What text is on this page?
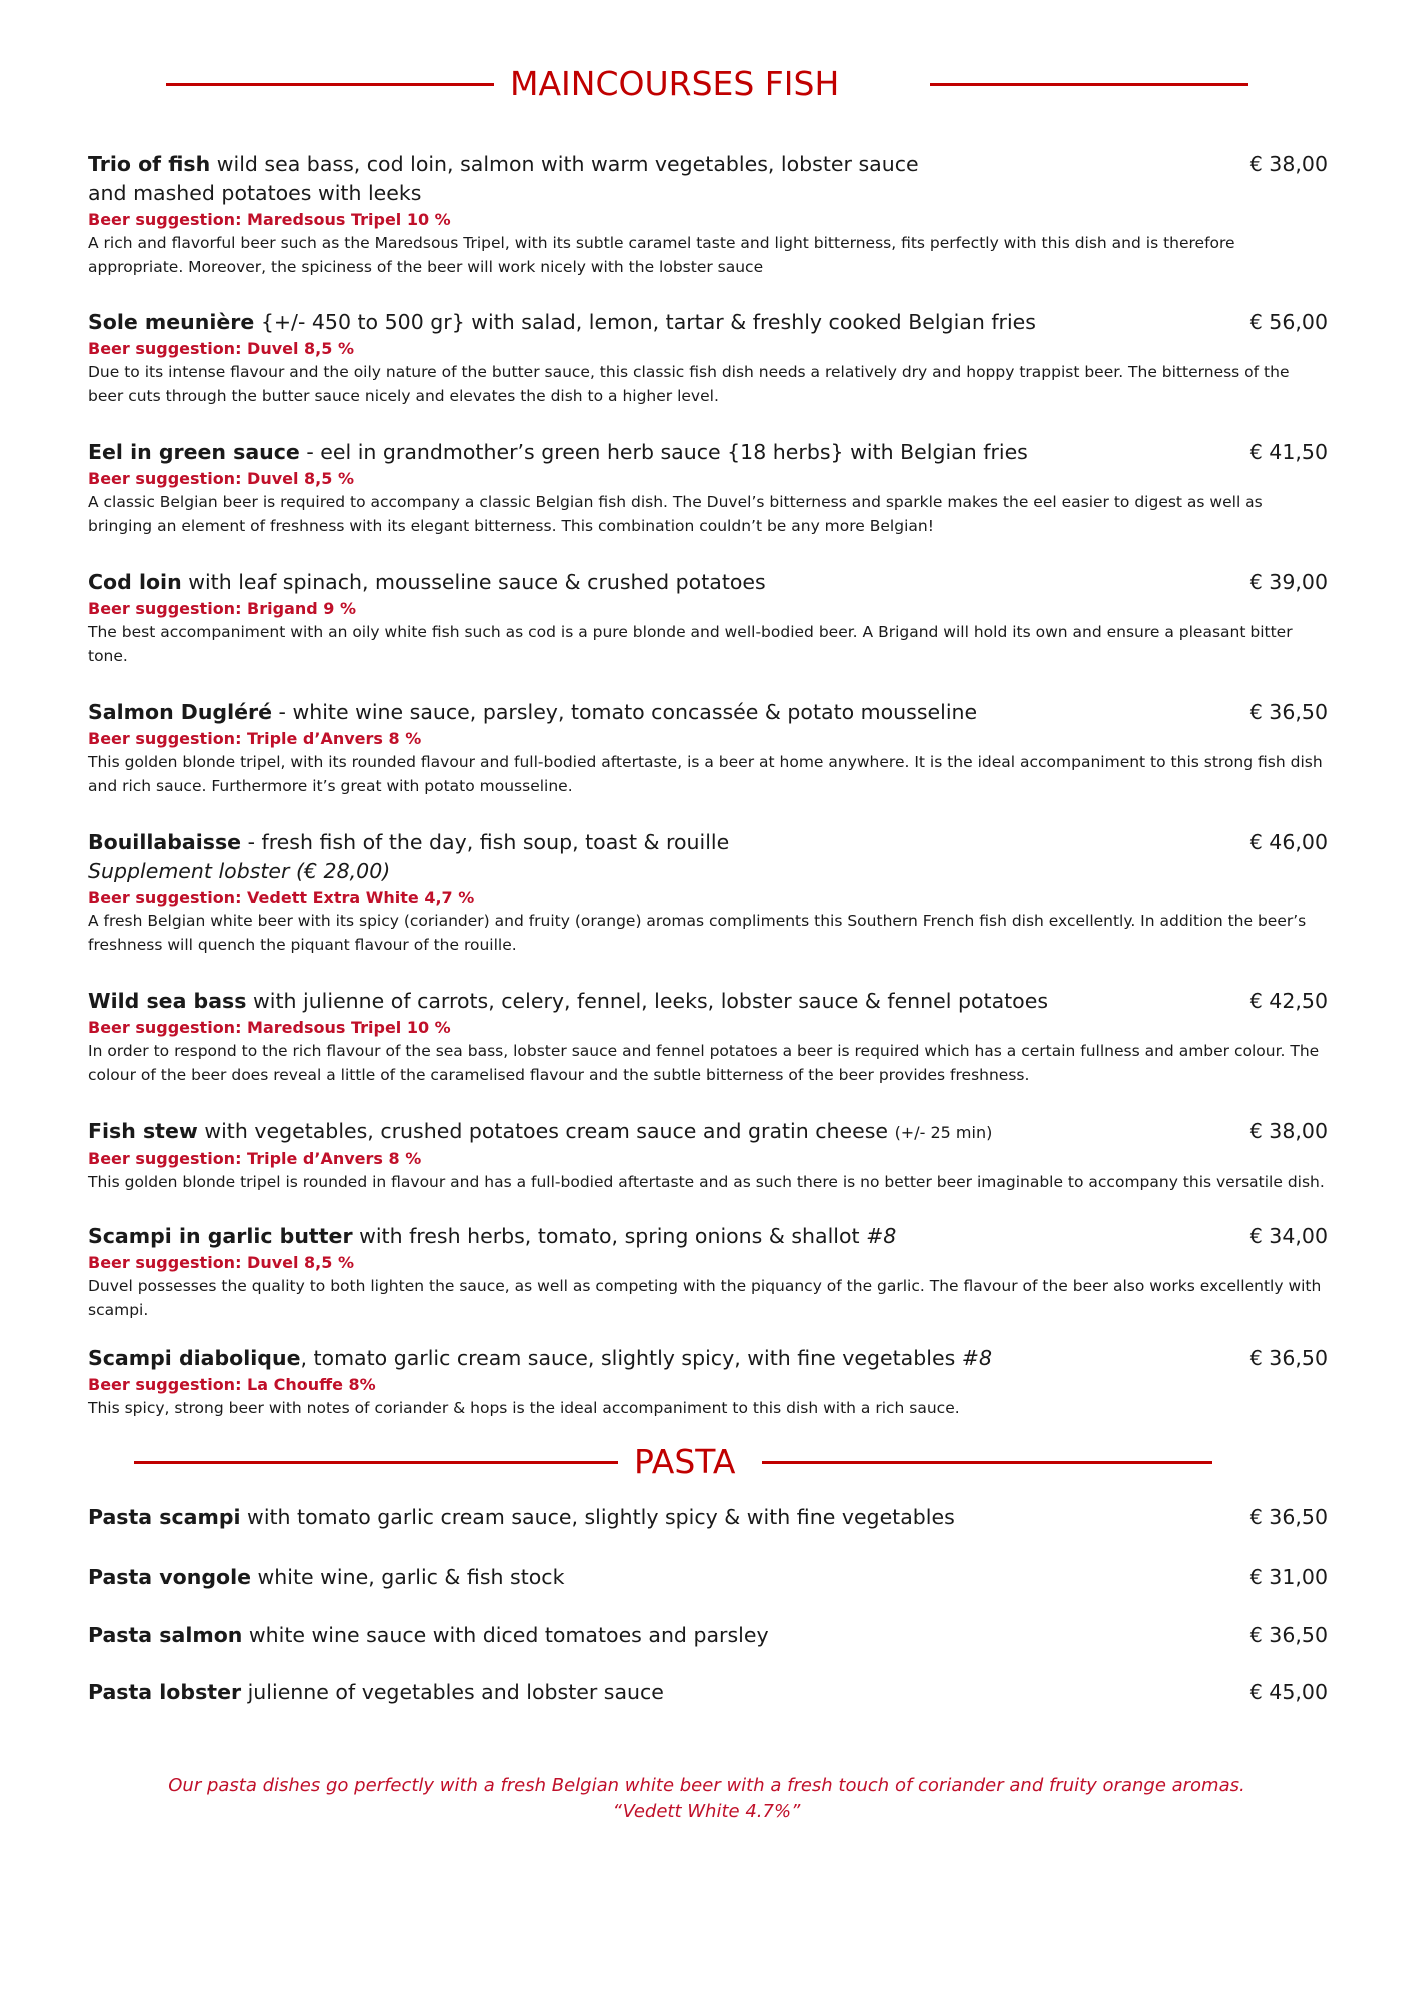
MAINCOURSES FISH
Trio of fish wild sea bass, cod loin, salmon with warm vegetables, lobster sauce	€ 38,00
and mashed potatoes with leeks
Beer suggestion: Maredsous Tripel 10 %
A rich and flavorful beer such as the Maredsous Tripel, with its subtle caramel taste and light bitterness, fits perfectly with this dish and is therefore appropriate. Moreover, the spiciness of the beer will work nicely with the lobster sauce
Sole meunière {+/- 450 to 500 gr} with salad, lemon, tartar & freshly cooked Belgian fries	€ 56,00
Beer suggestion: Duvel 8,5 %
Due to its intense flavour and the oily nature of the butter sauce, this classic fish dish needs a relatively dry and hoppy trappist beer. The bitterness of the beer cuts through the butter sauce nicely and elevates the dish to a higher level.
Eel in green sauce - eel in grandmother’s green herb sauce {18 herbs} with Belgian fries	€ 41,50
Beer suggestion: Duvel 8,5 %
A classic Belgian beer is required to accompany a classic Belgian fish dish. The Duvel’s bitterness and sparkle makes the eel easier to digest as well as bringing an element of freshness with its elegant bitterness. This combination couldn’t be any more Belgian!
Cod loin with leaf spinach, mousseline sauce & crushed potatoes	€ 39,00
Beer suggestion: Brigand 9 %
The best accompaniment with an oily white fish such as cod is a pure blonde and well-bodied beer. A Brigand will hold its own and ensure a pleasant bitter tone.
Salmon Dugléré - white wine sauce, parsley, tomato concassée & potato mousseline	€ 36,50
Beer suggestion: Triple d’Anvers 8 %
This golden blonde tripel, with its rounded flavour and full-bodied aftertaste, is a beer at home anywhere. It is the ideal accompaniment to this strong fish dish and rich sauce. Furthermore it’s great with potato mousseline.
Bouillabaisse - fresh fish of the day, fish soup, toast & rouille	€ 46,00
Supplement lobster (€ 28,00)
Beer suggestion: Vedett Extra White 4,7 %
A fresh Belgian white beer with its spicy (coriander) and fruity (orange) aromas compliments this Southern French fish dish excellently. In addition the beer’s freshness will quench the piquant flavour of the rouille.
Wild sea bass with julienne of carrots, celery, fennel, leeks, lobster sauce & fennel potatoes	€ 42,50
Beer suggestion: Maredsous Tripel 10 %
In order to respond to the rich flavour of the sea bass, lobster sauce and fennel potatoes a beer is required which has a certain fullness and amber colour. The colour of the beer does reveal a little of the caramelised flavour and the subtle bitterness of the beer provides freshness.
Fish stew with vegetables, crushed potatoes cream sauce and gratin cheese (+/- 25 min)	€ 38,00
Beer suggestion: Triple d’Anvers 8 %
This golden blonde tripel is rounded in flavour and has a full-bodied aftertaste and as such there is no better beer imaginable to accompany this versatile dish.
Scampi in garlic butter with fresh herbs, tomato, spring onions & shallot #8	€ 34,00
Beer suggestion: Duvel 8,5 %
Duvel possesses the quality to both lighten the sauce, as well as competing with the piquancy of the garlic. The flavour of the beer also works excellently with scampi.
Scampi diabolique, tomato garlic cream sauce, slightly spicy, with fine vegetables #8	€ 36,50
Beer suggestion: La Chouffe 8%
This spicy, strong beer with notes of coriander & hops is the ideal accompaniment to this dish with a rich sauce.
PASTA
Pasta scampi with tomato garlic cream sauce, slightly spicy & with fine vegetables	€ 36,50
Pasta vongole white wine, garlic & fish stock	€ 31,00
Pasta salmon white wine sauce with diced tomatoes and parsley	€ 36,50
Pasta lobster julienne of vegetables and lobster sauce	€ 45,00
Our pasta dishes go perfectly with a fresh Belgian white beer with a fresh touch of coriander and fruity orange aromas.
“Vedett White 4.7%”
